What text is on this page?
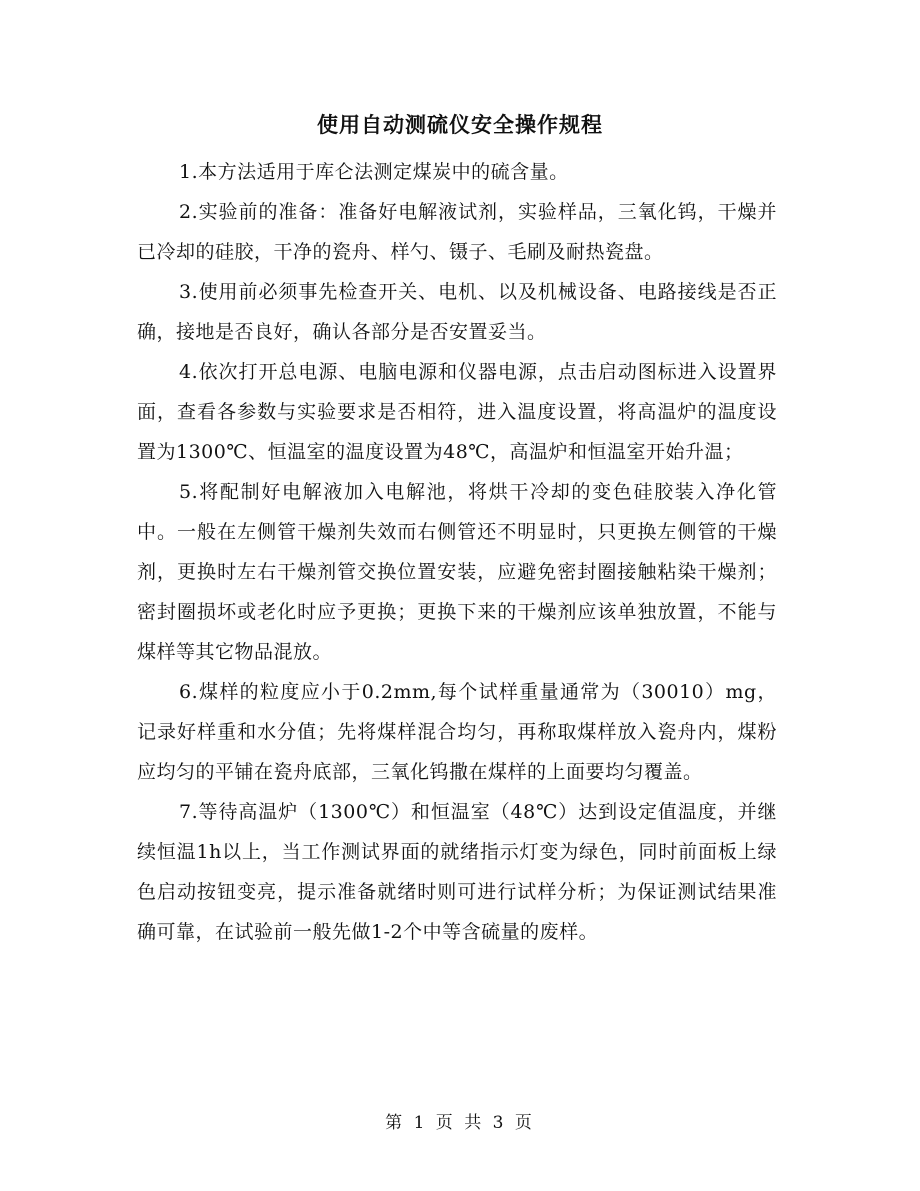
使用自动测硫仪安全操作规程

1.本方法适用于库仑法测定煤炭中的硫含量。

2.实验前的准备：准备好电解液试剂，实验样品，三氧化钨，干燥并已冷却的硅胶，干净的瓷舟、样勺、镊子、毛刷及耐热瓷盘。

3.使用前必须事先检查开关、电机、以及机械设备、电路接线是否正确，接地是否良好，确认各部分是否安置妥当。

4.依次打开总电源、电脑电源和仪器电源，点击启动图标进入设置界面，查看各参数与实验要求是否相符，进入温度设置，将高温炉的温度设置为1300℃、恒温室的温度设置为48℃，高温炉和恒温室开始升温；

5.将配制好电解液加入电解池，将烘干冷却的变色硅胶装入净化管中。一般在左侧管干燥剂失效而右侧管还不明显时，只更换左侧管的干燥剂，更换时左右干燥剂管交换位置安装，应避免密封圈接触粘染干燥剂；密封圈损坏或老化时应予更换；更换下来的干燥剂应该单独放置，不能与煤样等其它物品混放。

6.煤样的粒度应小于0.2mm,每个试样重量通常为（30010）mg，记录好样重和水分值；先将煤样混合均匀，再称取煤样放入瓷舟内，煤粉应均匀的平铺在瓷舟底部，三氧化钨撒在煤样的上面要均匀覆盖。

7.等待高温炉（1300℃）和恒温室（48℃）达到设定值温度，并继续恒温1h以上，当工作测试界面的就绪指示灯变为绿色，同时前面板上绿色启动按钮变亮，提示准备就绪时则可进行试样分析；为保证测试结果准确可靠，在试验前一般先做1-2个中等含硫量的废样。

第 1 页 共 3 页
